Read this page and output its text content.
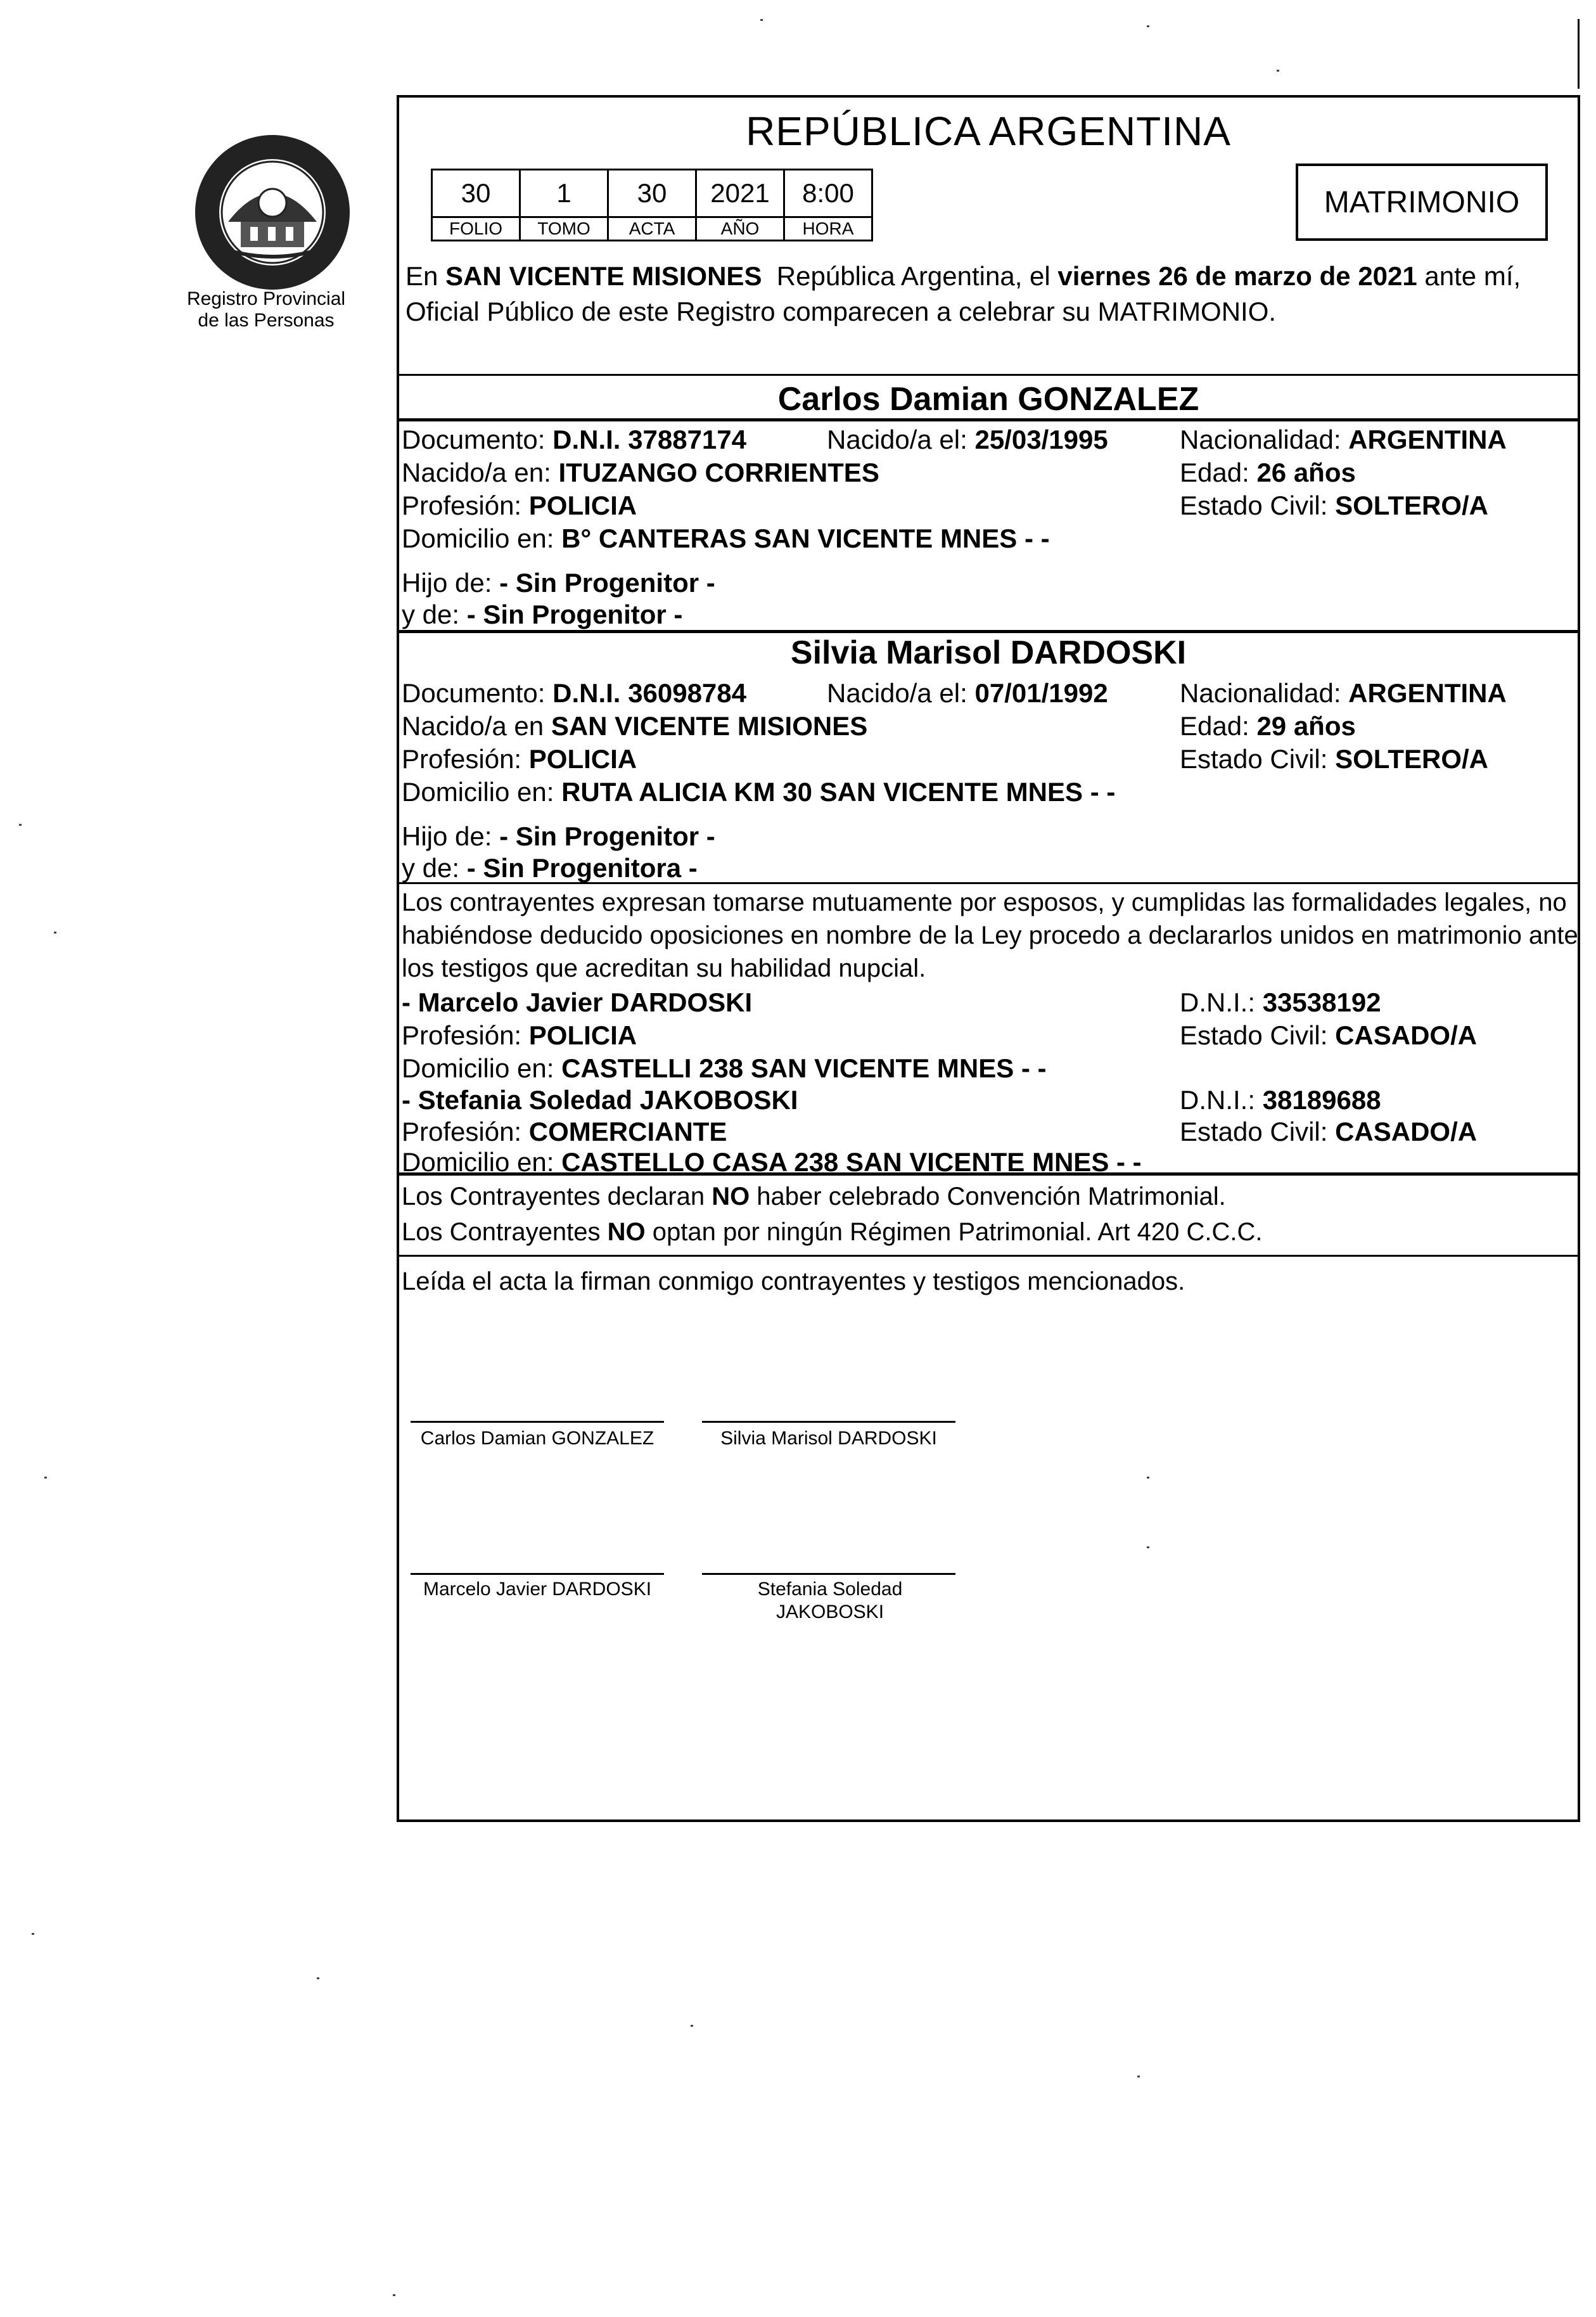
Registro Provincial
de las Personas
REPÚBLICA ARGENTINA
30	1	30	2021	8:00
FOLIO	TOMO	ACTA	AÑO	HORA
MATRIMONIO
En SAN VICENTE MISIONES  República Argentina, el viernes 26 de marzo de 2021 ante mí,
Oficial Público de este Registro comparecen a celebrar su MATRIMONIO.
Carlos Damian GONZALEZ
Documento: D.N.I. 37887174	Nacido/a el: 25/03/1995	Nacionalidad: ARGENTINA
Nacido/a en: ITUZANGO CORRIENTES	Edad: 26 años
Profesión: POLICIA	Estado Civil: SOLTERO/A
Domicilio en: B° CANTERAS SAN VICENTE MNES - -
Hijo de: - Sin Progenitor -
y de: - Sin Progenitor -
Silvia Marisol DARDOSKI
Documento: D.N.I. 36098784	Nacido/a el: 07/01/1992	Nacionalidad: ARGENTINA
Nacido/a en SAN VICENTE MISIONES	Edad: 29 años
Profesión: POLICIA	Estado Civil: SOLTERO/A
Domicilio en: RUTA ALICIA KM 30 SAN VICENTE MNES - -
Hijo de: - Sin Progenitor -
y de: - Sin Progenitora -
Los contrayentes expresan tomarse mutuamente por esposos, y cumplidas las formalidades legales, no
habiéndose deducido oposiciones en nombre de la Ley procedo a declararlos unidos en matrimonio ante
los testigos que acreditan su habilidad nupcial.
- Marcelo Javier DARDOSKI	D.N.I.: 33538192
Profesión: POLICIA	Estado Civil: CASADO/A
Domicilio en: CASTELLI 238 SAN VICENTE MNES - -
- Stefania Soledad JAKOBOSKI	D.N.I.: 38189688
Profesión: COMERCIANTE	Estado Civil: CASADO/A
Domicilio en: CASTELLO CASA 238 SAN VICENTE MNES - -
Los Contrayentes declaran NO haber celebrado Convención Matrimonial.
Los Contrayentes NO optan por ningún Régimen Patrimonial. Art 420 C.C.C.
Leída el acta la firman conmigo contrayentes y testigos mencionados.
Carlos Damian GONZALEZ	Silvia Marisol DARDOSKI
Marcelo Javier DARDOSKI	Stefania Soledad JAKOBOSKI
